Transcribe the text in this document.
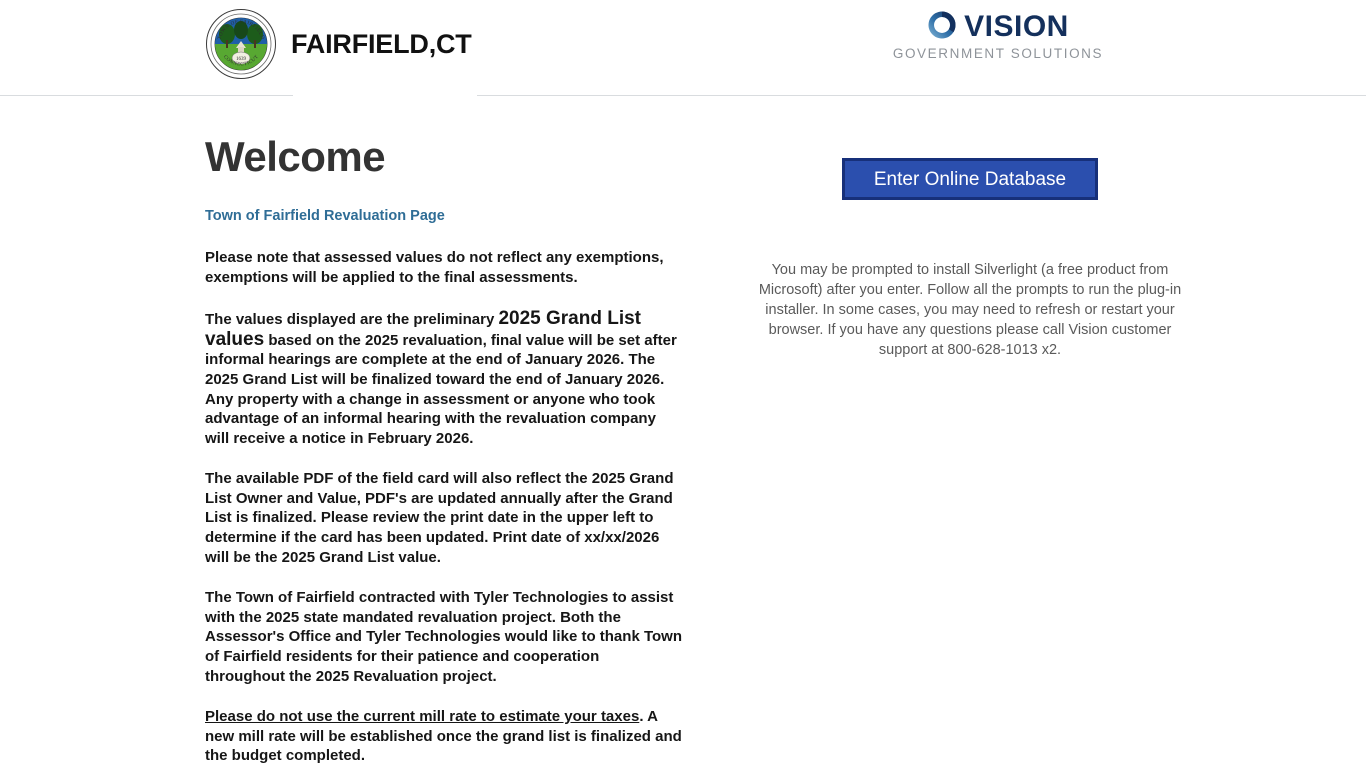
1639
TOWN OF FAIRFIELD
CONNECTICUT FAIRFIELD,CT
VISION
GOVERNMENT SOLUTIONS
Welcome
Town of Fairfield Revaluation Page

Please note that assessed values do not reflect any exemptions, exemptions will be applied to the final assessments.

The values displayed are the preliminary 2025 Grand List values based on the 2025 revaluation, final value will be set after informal hearings are complete at the end of January 2026. The 2025 Grand List will be finalized toward the end of January 2026. Any property with a change in assessment or anyone who took advantage of an informal hearing with the revaluation company will receive a notice in February 2026.

The available PDF of the field card will also reflect the 2025 Grand List Owner and Value, PDF's are updated annually after the Grand List is finalized. Please review the print date in the upper left to determine if the card has been updated. Print date of xx/xx/2026 will be the 2025 Grand List value.

The Town of Fairfield contracted with Tyler Technologies to assist with the 2025 state mandated revaluation project. Both the Assessor's Office and Tyler Technologies would like to thank Town of Fairfield residents for their patience and cooperation throughout the 2025 Revaluation project.

Please do not use the current mill rate to estimate your taxes. A new mill rate will be established once the grand list is finalized and the budget completed.

Enter Online Database

You may be prompted to install Silverlight (a free product from Microsoft) after you enter. Follow all the prompts to run the plug-in installer. In some cases, you may need to refresh or restart your browser. If you have any questions please call Vision customer support at 800-628-1013 x2.
